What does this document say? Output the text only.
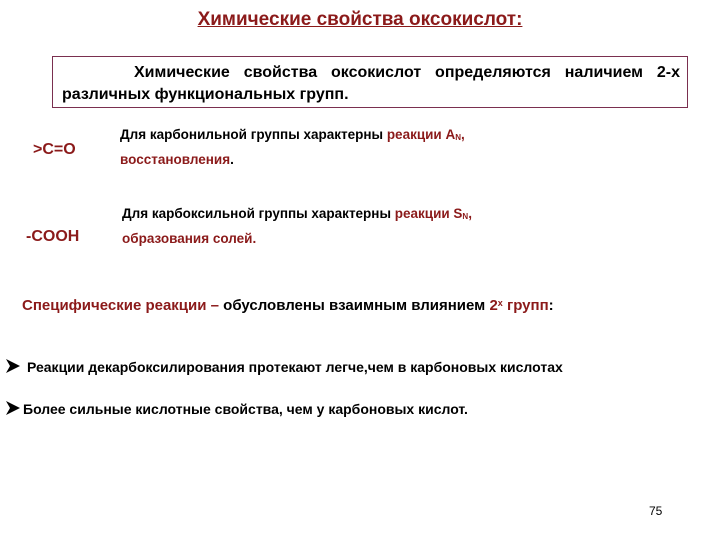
Химические свойства оксокислот:
Химические свойства оксокислот определяются наличием 2-х различных функциональных групп.
>C=O
Для карбонильной группы характерны реакции AN,
восстановления.
-COOH
Для карбоксильной группы характерны реакции SN,
образования солей.
Специфические реакции – обусловлены взаимным влиянием $2^х$ групп:
Реакции декарбоксилирования протекают легче,чем в карбоновых кислотах
Более сильные кислотные свойства, чем у карбоновых кислот.
75
